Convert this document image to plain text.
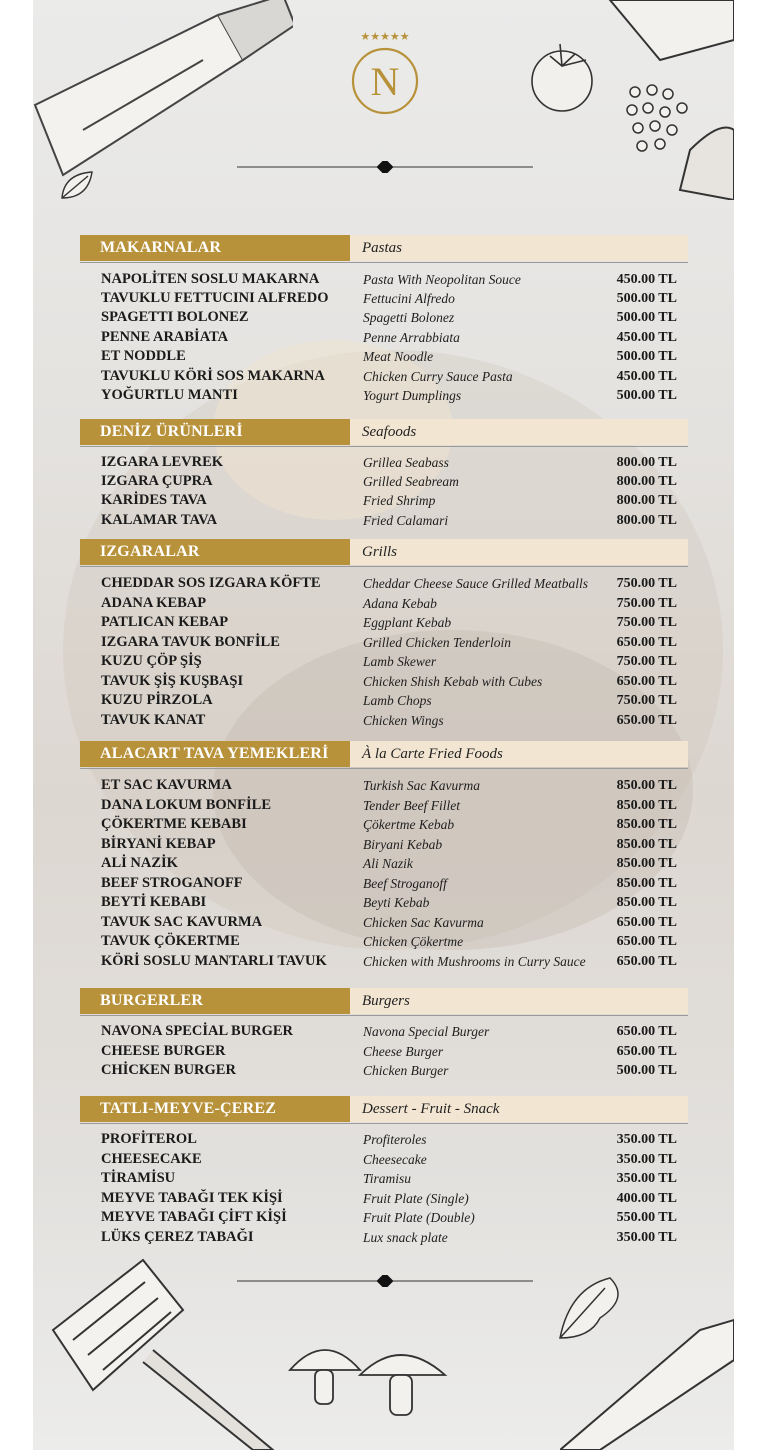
★★★★★
N
MAKARNALAR	Pastas
NAPOLİTEN SOSLU MAKARNA	Pasta With Neopolitan Souce	450.00 TL
TAVUKLU FETTUCINI ALFREDO	Fettucini Alfredo	500.00 TL
SPAGETTI BOLONEZ	Spagetti Bolonez	500.00 TL
PENNE ARABİATA	Penne Arrabbiata	450.00 TL
ET NODDLE	Meat Noodle	500.00 TL
TAVUKLU KÖRİ SOS MAKARNA	Chicken Curry Sauce Pasta	450.00 TL
YOĞURTLU MANTI	Yogurt Dumplings	500.00 TL
DENİZ ÜRÜNLERİ	Seafoods
IZGARA LEVREK	Grillea Seabass	800.00 TL
IZGARA ÇUPRA	Grilled Seabream	800.00 TL
KARİDES TAVA	Fried Shrimp	800.00 TL
KALAMAR TAVA	Fried Calamari	800.00 TL
IZGARALAR	Grills
CHEDDAR SOS IZGARA KÖFTE	Cheddar Cheese Sauce Grilled Meatballs 750.00 TL
ADANA KEBAP	Adana Kebab	750.00 TL
PATLICAN KEBAP	Eggplant Kebab	750.00 TL
IZGARA TAVUK BONFİLE	Grilled Chicken Tenderloin	650.00 TL
KUZU ÇÖP ŞİŞ	Lamb Skewer	750.00 TL
TAVUK ŞİŞ KUŞBAŞI	Chicken Shish Kebab with Cubes	650.00 TL
KUZU PİRZOLA	Lamb Chops	750.00 TL
TAVUK KANAT	Chicken Wings	650.00 TL
ALACART TAVA YEMEKLERİ	À la Carte Fried Foods
ET SAC KAVURMA	Turkish Sac Kavurma	850.00 TL
DANA LOKUM BONFİLE	Tender Beef Fillet	850.00 TL
ÇÖKERTME KEBABI	Çökertme Kebab	850.00 TL
BİRYANİ KEBAP	Biryani Kebab	850.00 TL
ALİ NAZİK	Ali Nazik	850.00 TL
BEEF STROGANOFF	Beef Stroganoff	850.00 TL
BEYTİ KEBABI	Beyti Kebab	850.00 TL
TAVUK SAC KAVURMA	Chicken Sac Kavurma	650.00 TL
TAVUK ÇÖKERTME	Chicken Çökertme	650.00 TL
KÖRİ SOSLU MANTARLI TAVUK	Chicken with Mushrooms in Curry Sauce 650.00 TL
BURGERLER	Burgers
NAVONA SPECİAL BURGER	Navona Special Burger	650.00 TL
CHEESE BURGER	Cheese Burger	650.00 TL
CHİCKEN BURGER	Chicken Burger	500.00 TL
TATLI-MEYVE-ÇEREZ	Dessert - Fruit - Snack
PROFİTEROL	Profiteroles	350.00 TL
CHEESECAKE	Cheesecake	350.00 TL
TİRAMİSU	Tiramisu	350.00 TL
MEYVE TABAĞI TEK KİŞİ	Fruit Plate (Single)	400.00 TL
MEYVE TABAĞI ÇİFT KİŞİ	Fruit Plate (Double)	550.00 TL
LÜKS ÇEREZ TABAĞI	Lux snack plate	350.00 TL
